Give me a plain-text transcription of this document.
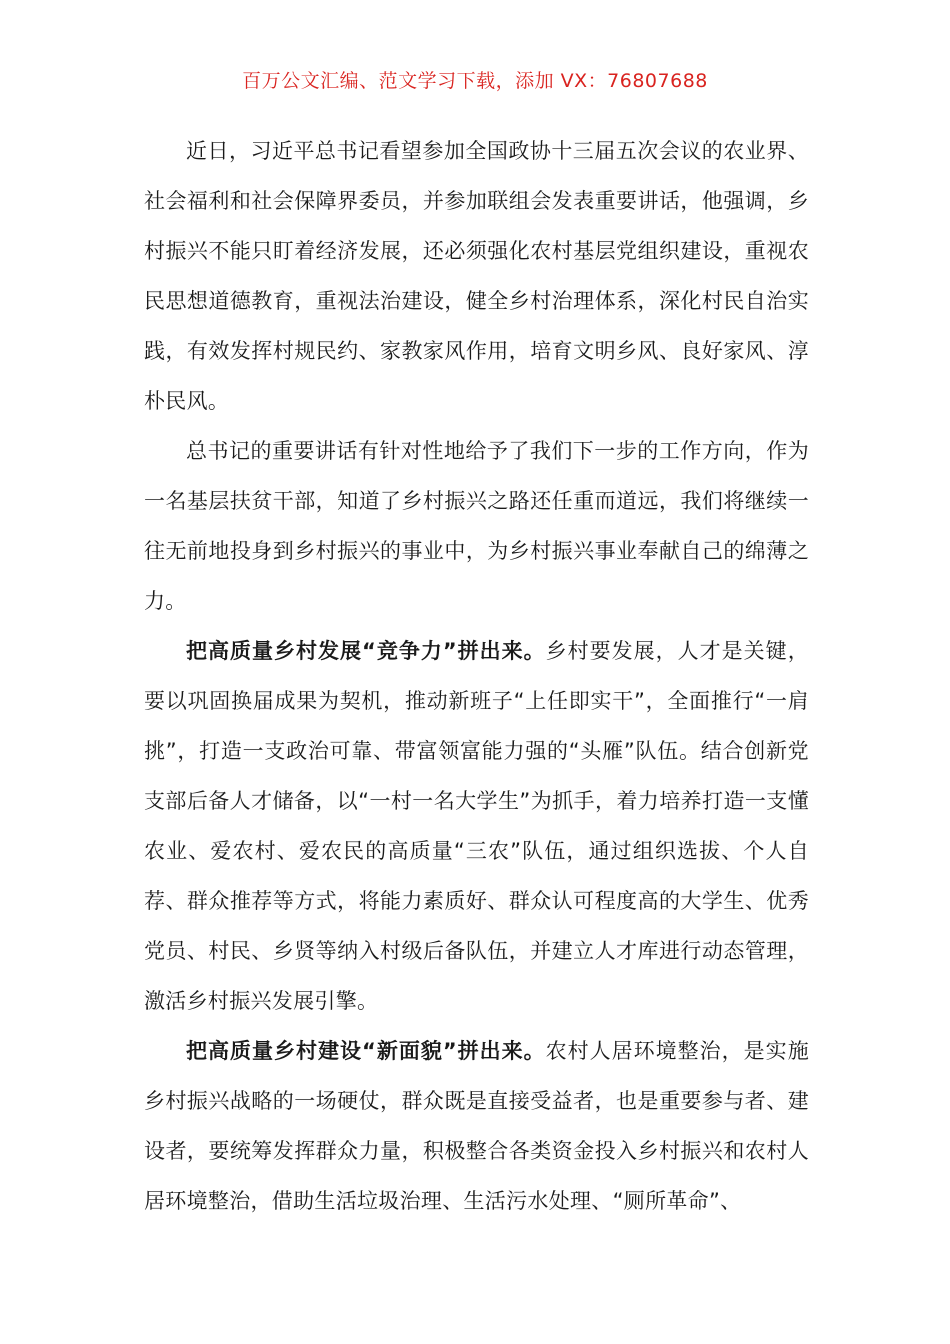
百万公文汇编、范文学习下载，添加 VX：76807688

近日，习近平总书记看望参加全国政协十三届五次会议的农业界、社会福利和社会保障界委员，并参加联组会发表重要讲话，他强调，乡村振兴不能只盯着经济发展，还必须强化农村基层党组织建设，重视农民思想道德教育，重视法治建设，健全乡村治理体系，深化村民自治实践，有效发挥村规民约、家教家风作用，培育文明乡风、良好家风、淳朴民风。

总书记的重要讲话有针对性地给予了我们下一步的工作方向，作为一名基层扶贫干部，知道了乡村振兴之路还任重而道远，我们将继续一往无前地投身到乡村振兴的事业中，为乡村振兴事业奉献自己的绵薄之力。

把高质量乡村发展“竞争力”拼出来。乡村要发展，人才是关键，要以巩固换届成果为契机，推动新班子“上任即实干”，全面推行“一肩挑”，打造一支政治可靠、带富领富能力强的“头雁”队伍。结合创新党支部后备人才储备，以“一村一名大学生”为抓手，着力培养打造一支懂农业、爱农村、爱农民的高质量“三农”队伍，通过组织选拔、个人自荐、群众推荐等方式，将能力素质好、群众认可程度高的大学生、优秀党员、村民、乡贤等纳入村级后备队伍，并建立人才库进行动态管理，激活乡村振兴发展引擎。

把高质量乡村建设“新面貌”拼出来。农村人居环境整治，是实施乡村振兴战略的一场硬仗，群众既是直接受益者，也是重要参与者、建设者，要统筹发挥群众力量，积极整合各类资金投入乡村振兴和农村人居环境整治，借助生活垃圾治理、生活污水处理、“厕所革命”、
